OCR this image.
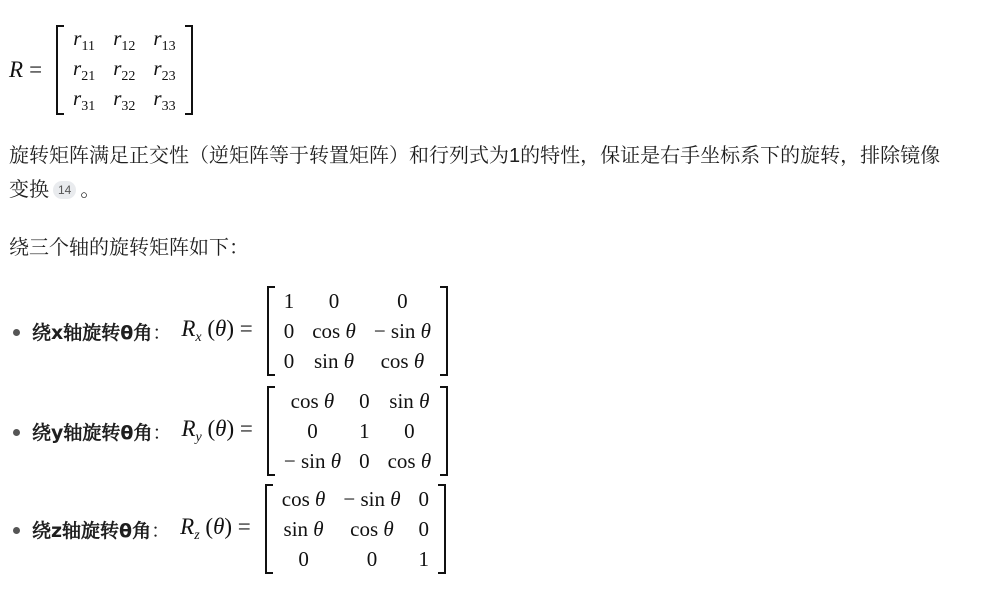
R =
$r_{11}$	$r_{12}$	$r_{13}$
$r_{21}$	$r_{22}$	$r_{23}$
$r_{31}$	$r_{32}$	$r_{33}$

旋转矩阵满足正交性（逆矩阵等于转置矩阵）和行列式为1的特性，保证是右手坐标系下的旋转，排除镜像
变换 14 。

绕三个轴的旋转矩阵如下：

绕x轴旋转θ角 ： $R_x$ (θ) =
1	0	0
0	cos θ	− sin θ
0	sin θ	cos θ
绕y轴旋转θ角 ： $R_y$ (θ) =
cos θ	0	sin θ
0	1	0
− sin θ	0	cos θ
绕z轴旋转θ角 ： $R_z$ (θ) =
cos θ	− sin θ	0
sin θ	cos θ	0
0	0	1
